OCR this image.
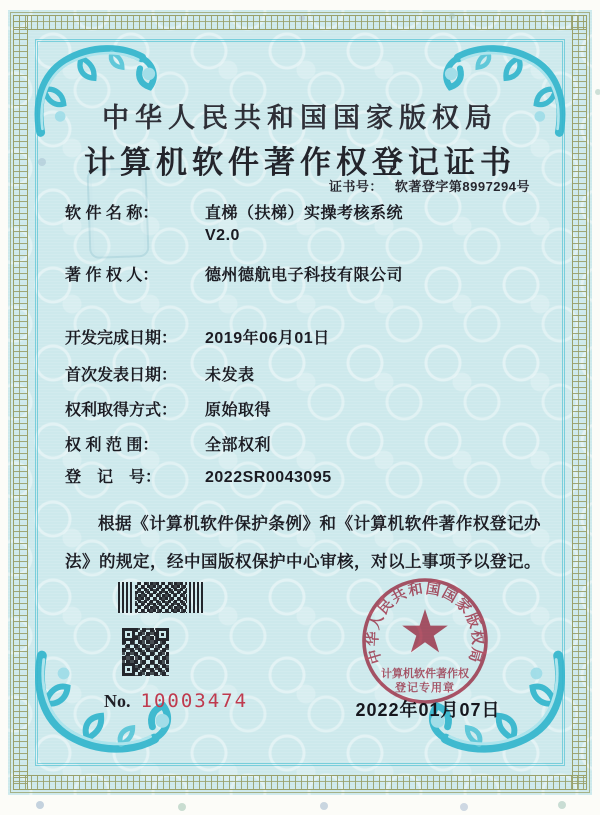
中华人民共和国国家版权局
计算机软件著作权登记证书
证书号： 软著登字第8997294号
软 件 名 称：	直梯（扶梯）实操考核系统
V2.0
著 作 权 人：	德州德航电子科技有限公司
开发完成日期：	2019年06月01日
首次发表日期：	未发表
权利取得方式：	原始取得
权 利 范 围：	全部权利
登　记　号：	2022SR0043095
根据《计算机软件保护条例》和《计算机软件著作权登记办法》的规定，经中国版权保护中心审核，对以上事项予以登记。
No. 10003474
中华人民共和国国家版权局
计算机软件著作权
登记专用章
2022年01月07日
